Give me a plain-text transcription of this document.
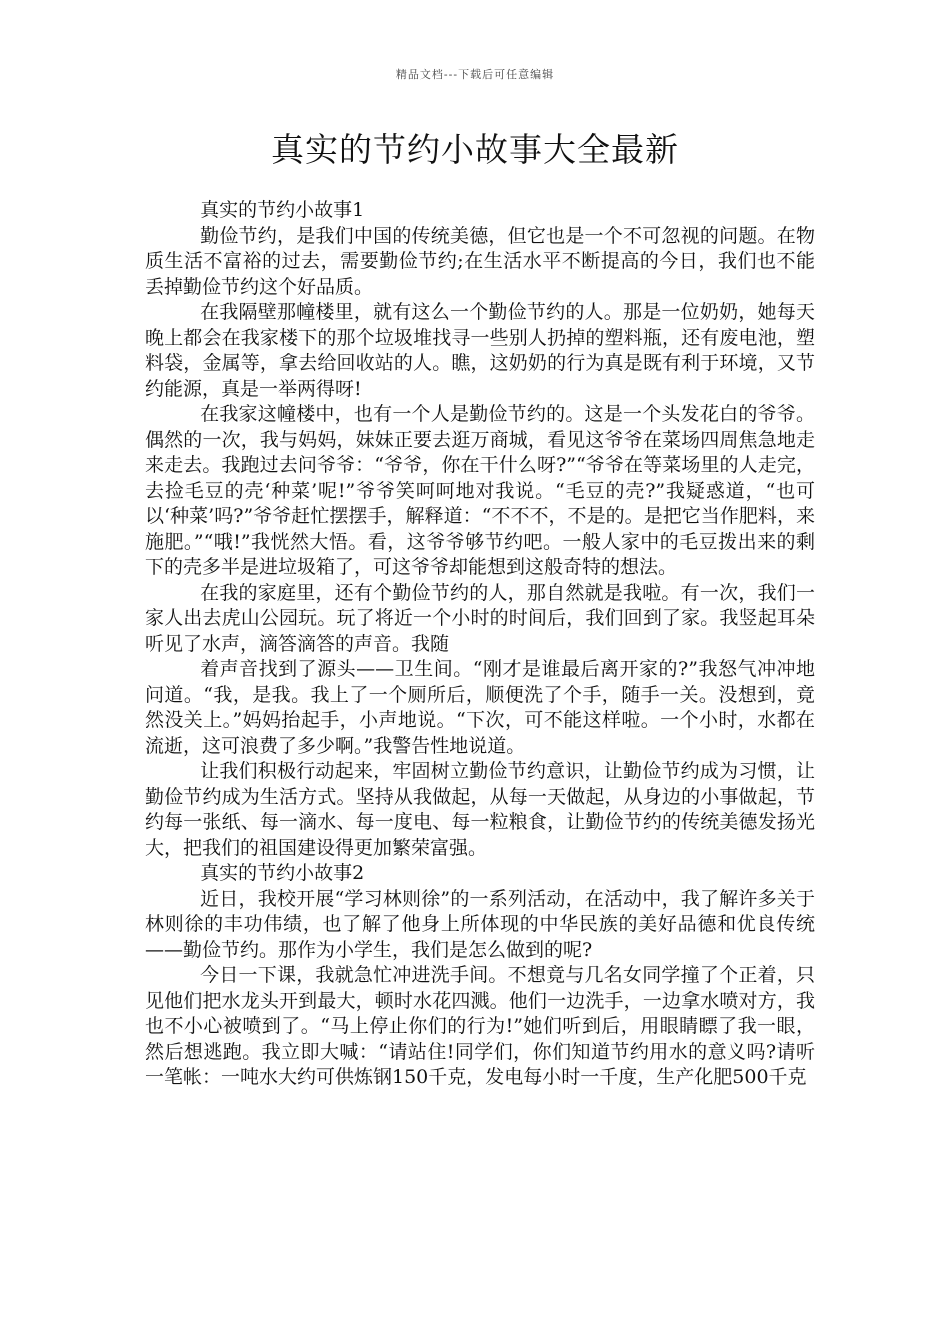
精品文档---下载后可任意编辑
真实的节约小故事大全最新

真实的节约小故事1

勤俭节约，是我们中国的传统美德，但它也是一个不可忽视的问题。在物质生活不富裕的过去，需要勤俭节约;在生活水平不断提高的今日，我们也不能丢掉勤俭节约这个好品质。

在我隔壁那幢楼里，就有这么一个勤俭节约的人。那是一位奶奶，她每天晚上都会在我家楼下的那个垃圾堆找寻一些别人扔掉的塑料瓶，还有废电池，塑料袋，金属等，拿去给回收站的人。瞧，这奶奶的行为真是既有利于环境，又节约能源，真是一举两得呀!

在我家这幢楼中，也有一个人是勤俭节约的。这是一个头发花白的爷爷。偶然的一次，我与妈妈，妹妹正要去逛万商城，看见这爷爷在菜场四周焦急地走来走去。我跑过去问爷爷：“爷爷，你在干什么呀?”“爷爷在等菜场里的人走完，去捡毛豆的壳‘种菜’呢!”爷爷笑呵呵地对我说。“毛豆的壳?”我疑惑道，“也可以‘种菜’吗?”爷爷赶忙摆摆手，解释道：“不不不，不是的。是把它当作肥料，来施肥。”“哦!”我恍然大悟。看，这爷爷够节约吧。一般人家中的毛豆拨出来的剩下的壳多半是进垃圾箱了，可这爷爷却能想到这般奇特的想法。

在我的家庭里，还有个勤俭节约的人，那自然就是我啦。有一次，我们一家人出去虎山公园玩。玩了将近一个小时的时间后，我们回到了家。我竖起耳朵听见了水声，滴答滴答的声音。我随

着声音找到了源头——卫生间。“刚才是谁最后离开家的?”我怒气冲冲地问道。“我，是我。我上了一个厕所后，顺便洗了个手，随手一关。没想到，竟然没关上。”妈妈抬起手，小声地说。“下次，可不能这样啦。一个小时，水都在流逝，这可浪费了多少啊。”我警告性地说道。

让我们积极行动起来，牢固树立勤俭节约意识，让勤俭节约成为习惯，让勤俭节约成为生活方式。坚持从我做起，从每一天做起，从身边的小事做起，节约每一张纸、每一滴水、每一度电、每一粒粮食，让勤俭节约的传统美德发扬光大，把我们的祖国建设得更加繁荣富强。

真实的节约小故事2

近日，我校开展“学习林则徐”的一系列活动，在活动中，我了解许多关于林则徐的丰功伟绩，也了解了他身上所体现的中华民族的美好品德和优良传统——勤俭节约。那作为小学生，我们是怎么做到的呢?

今日一下课，我就急忙冲进洗手间。不想竟与几名女同学撞了个正着，只见他们把水龙头开到最大，顿时水花四溅。他们一边洗手，一边拿水喷对方，我也不小心被喷到了。“马上停止你们的行为!”她们听到后，用眼睛瞟了我一眼，然后想逃跑。我立即大喊：“请站住!同学们，你们知道节约用水的意义吗?请听一笔帐：一吨水大约可供炼钢150千克，发电每小时一千度，生产化肥500千克
